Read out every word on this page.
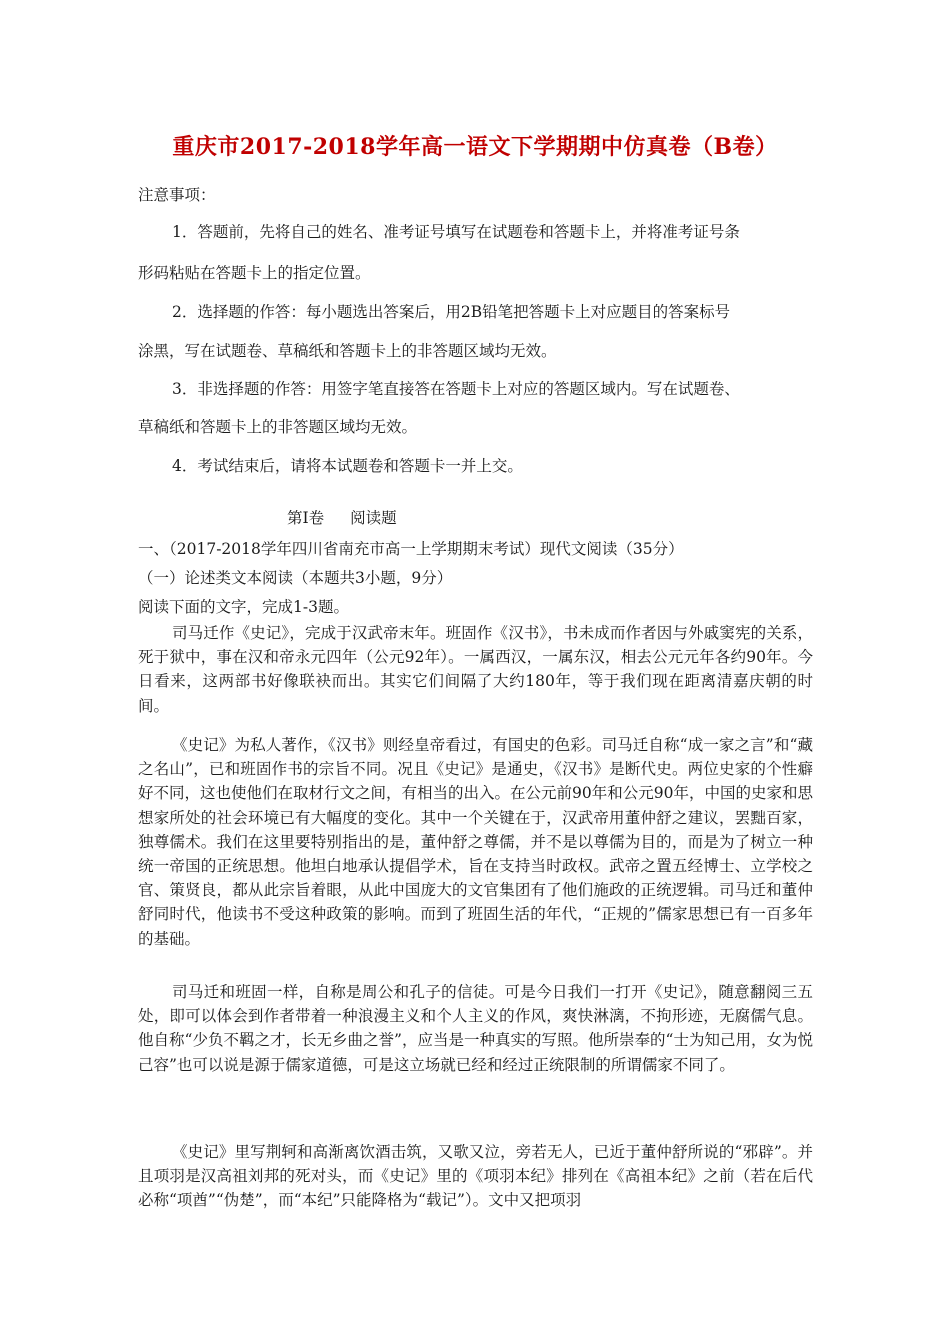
重庆市2017-2018学年高一语文下学期期中仿真卷（B卷）
注意事项：
1．答题前，先将自己的姓名、准考证号填写在试题卷和答题卡上，并将准考证号条
形码粘贴在答题卡上的指定位置。
2．选择题的作答：每小题选出答案后，用2B铅笔把答题卡上对应题目的答案标号
涂黑，写在试题卷、草稿纸和答题卡上的非答题区域均无效。
3．非选择题的作答：用签字笔直接答在答题卡上对应的答题区域内。写在试题卷、
草稿纸和答题卡上的非答题区域均无效。
4．考试结束后，请将本试题卷和答题卡一并上交。
第Ⅰ卷 阅读题
一、（2017-2018学年四川省南充市高一上学期期末考试）现代文阅读（35分）
（一）论述类文本阅读（本题共3小题，9分）
阅读下面的文字，完成1-3题。
司马迁作《史记》，完成于汉武帝末年。班固作《汉书》，书未成而作者因与外戚窦宪的关系，死于狱中，事在汉和帝永元四年（公元92年）。一属西汉，一属东汉，相去公元元年各约90年。今日看来，这两部书好像联袂而出。其实它们间隔了大约180年，等于我们现在距离清嘉庆朝的时间。
《史记》为私人著作，《汉书》则经皇帝看过，有国史的色彩。司马迁自称“成一家之言”和“藏之名山”，已和班固作书的宗旨不同。况且《史记》是通史，《汉书》是断代史。两位史家的个性癖好不同，这也使他们在取材行文之间，有相当的出入。在公元前90年和公元90年，中国的史家和思想家所处的社会环境已有大幅度的变化。其中一个关键在于，汉武帝用董仲舒之建议，罢黜百家，独尊儒术。我们在这里要特别指出的是，董仲舒之尊儒，并不是以尊儒为目的，而是为了树立一种统一帝国的正统思想。他坦白地承认提倡学术，旨在支持当时政权。武帝之置五经博士、立学校之官、策贤良，都从此宗旨着眼，从此中国庞大的文官集团有了他们施政的正统逻辑。司马迁和董仲舒同时代，他读书不受这种政策的影响。而到了班固生活的年代，“正规的”儒家思想已有一百多年的基础。
司马迁和班固一样，自称是周公和孔子的信徒。可是今日我们一打开《史记》，随意翻阅三五处，即可以体会到作者带着一种浪漫主义和个人主义的作风，爽快淋漓，不拘形迹，无腐儒气息。他自称“少负不羁之才，长无乡曲之誉”，应当是一种真实的写照。他所崇奉的“士为知己用，女为悦己容”也可以说是源于儒家道德，可是这立场就已经和经过正统限制的所谓儒家不同了。
《史记》里写荆轲和高渐离饮酒击筑，又歌又泣，旁若无人，已近于董仲舒所说的“邪辟”。并且项羽是汉高祖刘邦的死对头，而《史记》里的《项羽本纪》排列在《高祖本纪》之前（若在后代必称“项酋”“伪楚”，而“本纪”只能降格为“载记”）。文中又把项羽
